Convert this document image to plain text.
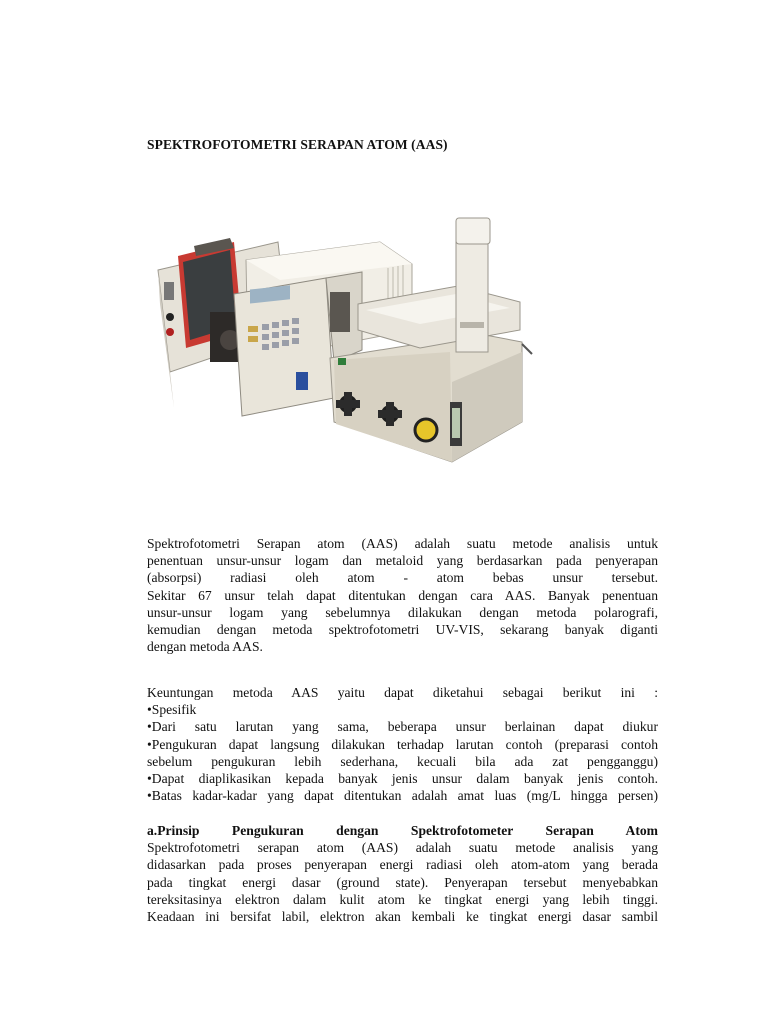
SPEKTROFOTOMETRI SERAPAN ATOM (AAS)
Spektrofotometri Serapan atom (AAS) adalah suatu metode analisis untuk
penentuan unsur-unsur logam dan metaloid yang berdasarkan pada penyerapan
(absorpsi) radiasi oleh atom - atom bebas unsur tersebut.
Sekitar 67 unsur telah dapat ditentukan dengan cara AAS. Banyak penentuan
unsur-unsur logam yang sebelumnya dilakukan dengan metoda polarografi,
kemudian dengan metoda spektrofotometri UV-VIS, sekarang banyak diganti
dengan metoda AAS.
Keuntungan metoda AAS yaitu dapat diketahui sebagai berikut ini :
•Spesifik
•Dari satu larutan yang sama, beberapa unsur berlainan dapat diukur
•Pengukuran dapat langsung dilakukan terhadap larutan contoh (preparasi contoh
sebelum pengukuran lebih sederhana, kecuali bila ada zat pengganggu)
•Dapat diaplikasikan kepada banyak jenis unsur dalam banyak jenis contoh.
•Batas kadar-kadar yang dapat ditentukan adalah amat luas (mg/L hingga persen)
a.Prinsip Pengukuran dengan Spektrofotometer Serapan Atom
Spektrofotometri serapan atom (AAS) adalah suatu metode analisis yang
didasarkan pada proses penyerapan energi radiasi oleh atom-atom yang berada
pada tingkat energi dasar (ground state). Penyerapan tersebut menyebabkan
tereksitasinya elektron dalam kulit atom ke tingkat energi yang lebih tinggi.
Keadaan ini bersifat labil, elektron akan kembali ke tingkat energi dasar sambil
